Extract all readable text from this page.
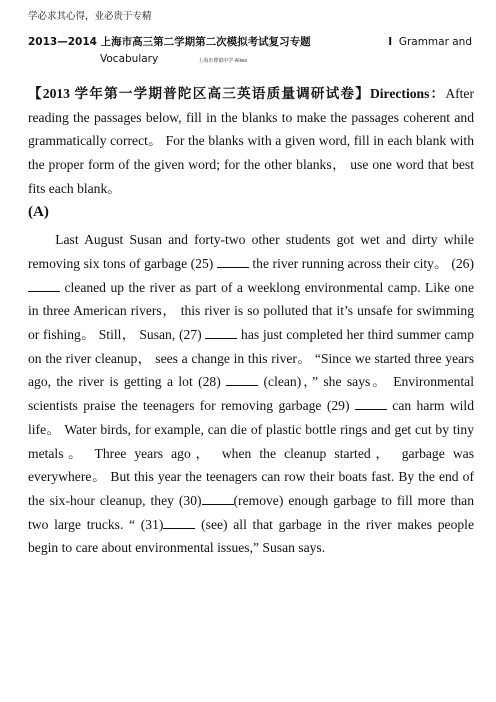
学必求其心得，业必贵于专精
2013—2014 上海市高三第二学期第二次模拟考试复习专题	I Grammar and
Vocabulary	上海市曹镇中学 Alieo

【2013 学年第一学期普陀区高三英语质量调研试卷】Directions：After reading the passages below, fill in the blanks to make the passages coherent and grammatically correct。 For the blanks with a given word, fill in each blank with the proper form of the given word; for the other blanks， use one word that best fits each blank。

(A)

Last August Susan and forty-two other students got wet and dirty while removing six tons of garbage (25)	the river running across their city。 (26) cleaned up the river as part of a weeklong environmental camp. Like one in three American rivers， this river is so polluted that it’s unsafe for swimming or fishing。 Still， Susan, (27)	has just completed her third summer camp on the river cleanup， sees a change in this river。 “Since we started three years ago, the river is getting a lot (28)	(clean)，” she says。 Environmental scientists praise the teenagers for removing garbage (29)	can harm wild life。 Water birds, for example, can die of plastic bottle rings and get cut by tiny metals。 Three years ago， when the cleanup started， garbage was everywhere。 But this year the teenagers can row their boats fast. By the end of the six-hour cleanup, they (30) (remove) enough garbage to fill more than two large trucks. “ (31)	(see) all that garbage in the river makes people begin to care about environmental issues,” Susan says.
